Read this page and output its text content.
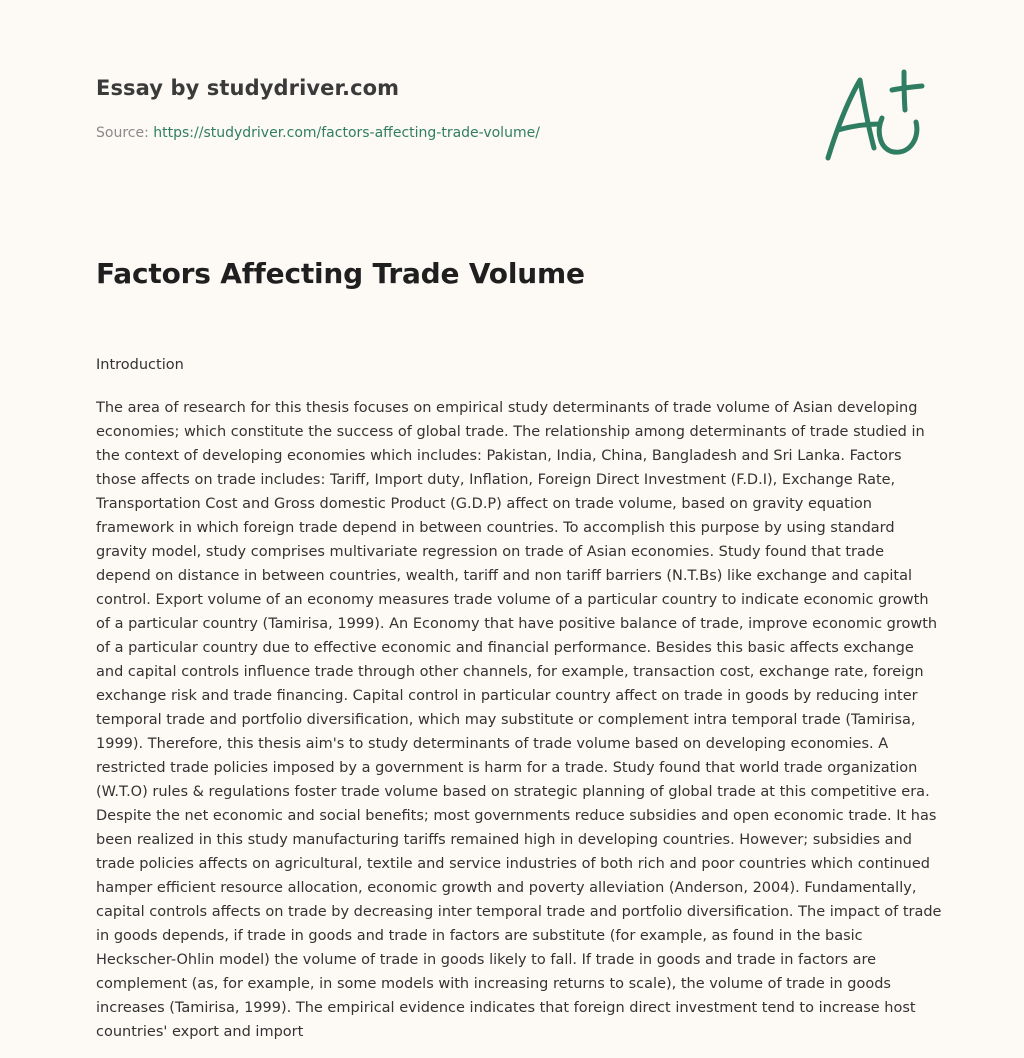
Essay by studydriver.com
Source: https://studydriver.com/factors-affecting-trade-volume/
Factors Affecting Trade Volume
Introduction

The area of research for this thesis focuses on empirical study determinants of trade volume of Asian developing economies; which constitute the success of global trade. The relationship among determinants of trade studied in the context of developing economies which includes: Pakistan, India, China, Bangladesh and Sri Lanka. Factors those affects on trade includes: Tariff, Import duty, Inflation, Foreign Direct Investment (F.D.I), Exchange Rate, Transportation Cost and Gross domestic Product (G.D.P) affect on trade volume, based on gravity equation framework in which foreign trade depend in between countries. To accomplish this purpose by using standard gravity model, study comprises multivariate regression on trade of Asian economies. Study found that trade depend on distance in between countries, wealth, tariff and non tariff barriers (N.T.Bs) like exchange and capital control. Export volume of an economy measures trade volume of a particular country to indicate economic growth of a particular country (Tamirisa, 1999). An Economy that have positive balance of trade, improve economic growth of a particular country due to effective economic and financial performance. Besides this basic affects exchange and capital controls influence trade through other channels, for example, transaction cost, exchange rate, foreign exchange risk and trade financing. Capital control in particular country affect on trade in goods by reducing inter temporal trade and portfolio diversification, which may substitute or complement intra temporal trade (Tamirisa, 1999). Therefore, this thesis aim's to study determinants of trade volume based on developing economies. A restricted trade policies imposed by a government is harm for a trade. Study found that world trade organization (W.T.O) rules & regulations foster trade volume based on strategic planning of global trade at this competitive era. Despite the net economic and social benefits; most governments reduce subsidies and open economic trade. It has been realized in this study manufacturing tariffs remained high in developing countries. However; subsidies and trade policies affects on agricultural, textile and service industries of both rich and poor countries which continued hamper efficient resource allocation, economic growth and poverty alleviation (Anderson, 2004). Fundamentally, capital controls affects on trade by decreasing inter temporal trade and portfolio diversification. The impact of trade in goods depends, if trade in goods and trade in factors are substitute (for example, as found in the basic Heckscher-Ohlin model) the volume of trade in goods likely to fall. If trade in goods and trade in factors are complement (as, for example, in some models with increasing returns to scale), the volume of trade in goods increases (Tamirisa, 1999). The empirical evidence indicates that foreign direct investment tend to increase host countries' export and import
